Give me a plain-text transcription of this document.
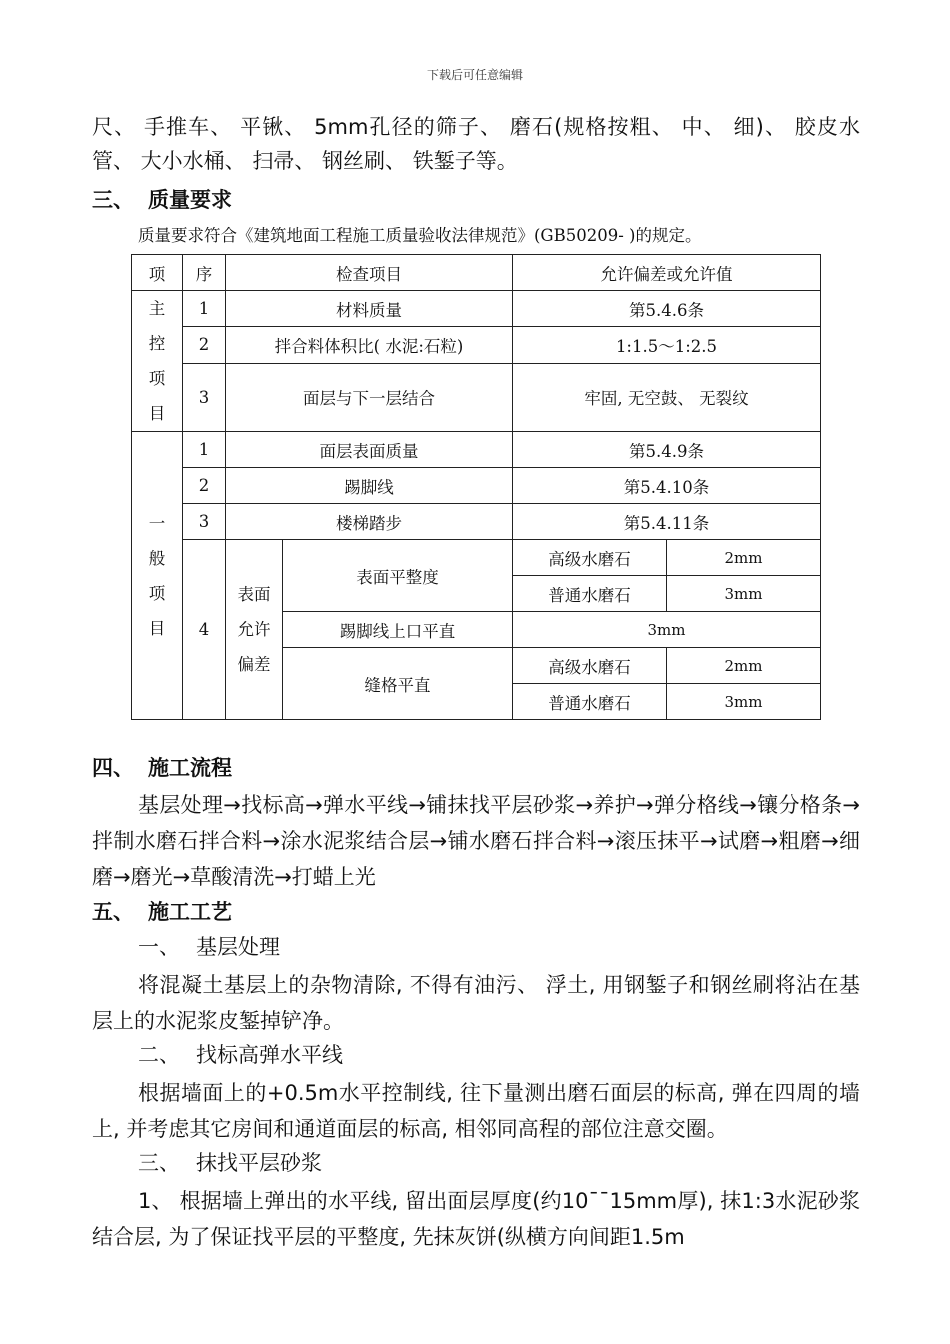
下载后可任意编辑
尺、 手推车、 平锹、 5mm孔径的筛子、 磨石(规格按粗、 中、 细)、 胶皮水管、 大小水桶、 扫帚、 钢丝刷、 铁錾子等。
三、 质量要求
质量要求符合《建筑地面工程施工质量验收法律规范》(GB50209- )的规定。
项	序	检查项目		允许偏差或允许值	

主控项目	1	材料质量		第5.4.6条	
	2	拌合料体积比( 水泥:石粒)		1:1.5～1:2.5	
	3	面层与下一层结合		牢固, 无空鼓、 无裂纹	

一般项目	1	面层表面质量		第5.4.9条	
	2	踢脚线		第5.4.10条	
	3	楼梯踏步		第5.4.11条	
	4	表面允许偏差	表面平整度	高级水磨石	2mm
				普通水磨石	3mm
			踢脚线上口平直	3mm	
			缝格平直	高级水磨石	2mm
				普通水磨石	3mm
四、 施工流程
基层处理→找标高→弹水平线→铺抹找平层砂浆→养护→弹分格线→镶分格条→拌制水磨石拌合料→涂水泥浆结合层→铺水磨石拌合料→滚压抹平→试磨→粗磨→细磨→磨光→草酸清洗→打蜡上光
五、 施工工艺
一、 基层处理
将混凝土基层上的杂物清除, 不得有油污、 浮土, 用钢錾子和钢丝刷将沾在基层上的水泥浆皮錾掉铲净。
二、 找标高弹水平线
根据墙面上的+0.5m水平控制线, 往下量测出磨石面层的标高, 弹在四周的墙上, 并考虑其它房间和通道面层的标高, 相邻同高程的部位注意交圈。
三、 抹找平层砂浆
1、 根据墙上弹出的水平线, 留出面层厚度(约10¯¯15mm厚), 抹1:3水泥砂浆结合层, 为了保证找平层的平整度, 先抹灰饼(纵横方向间距1.5m
